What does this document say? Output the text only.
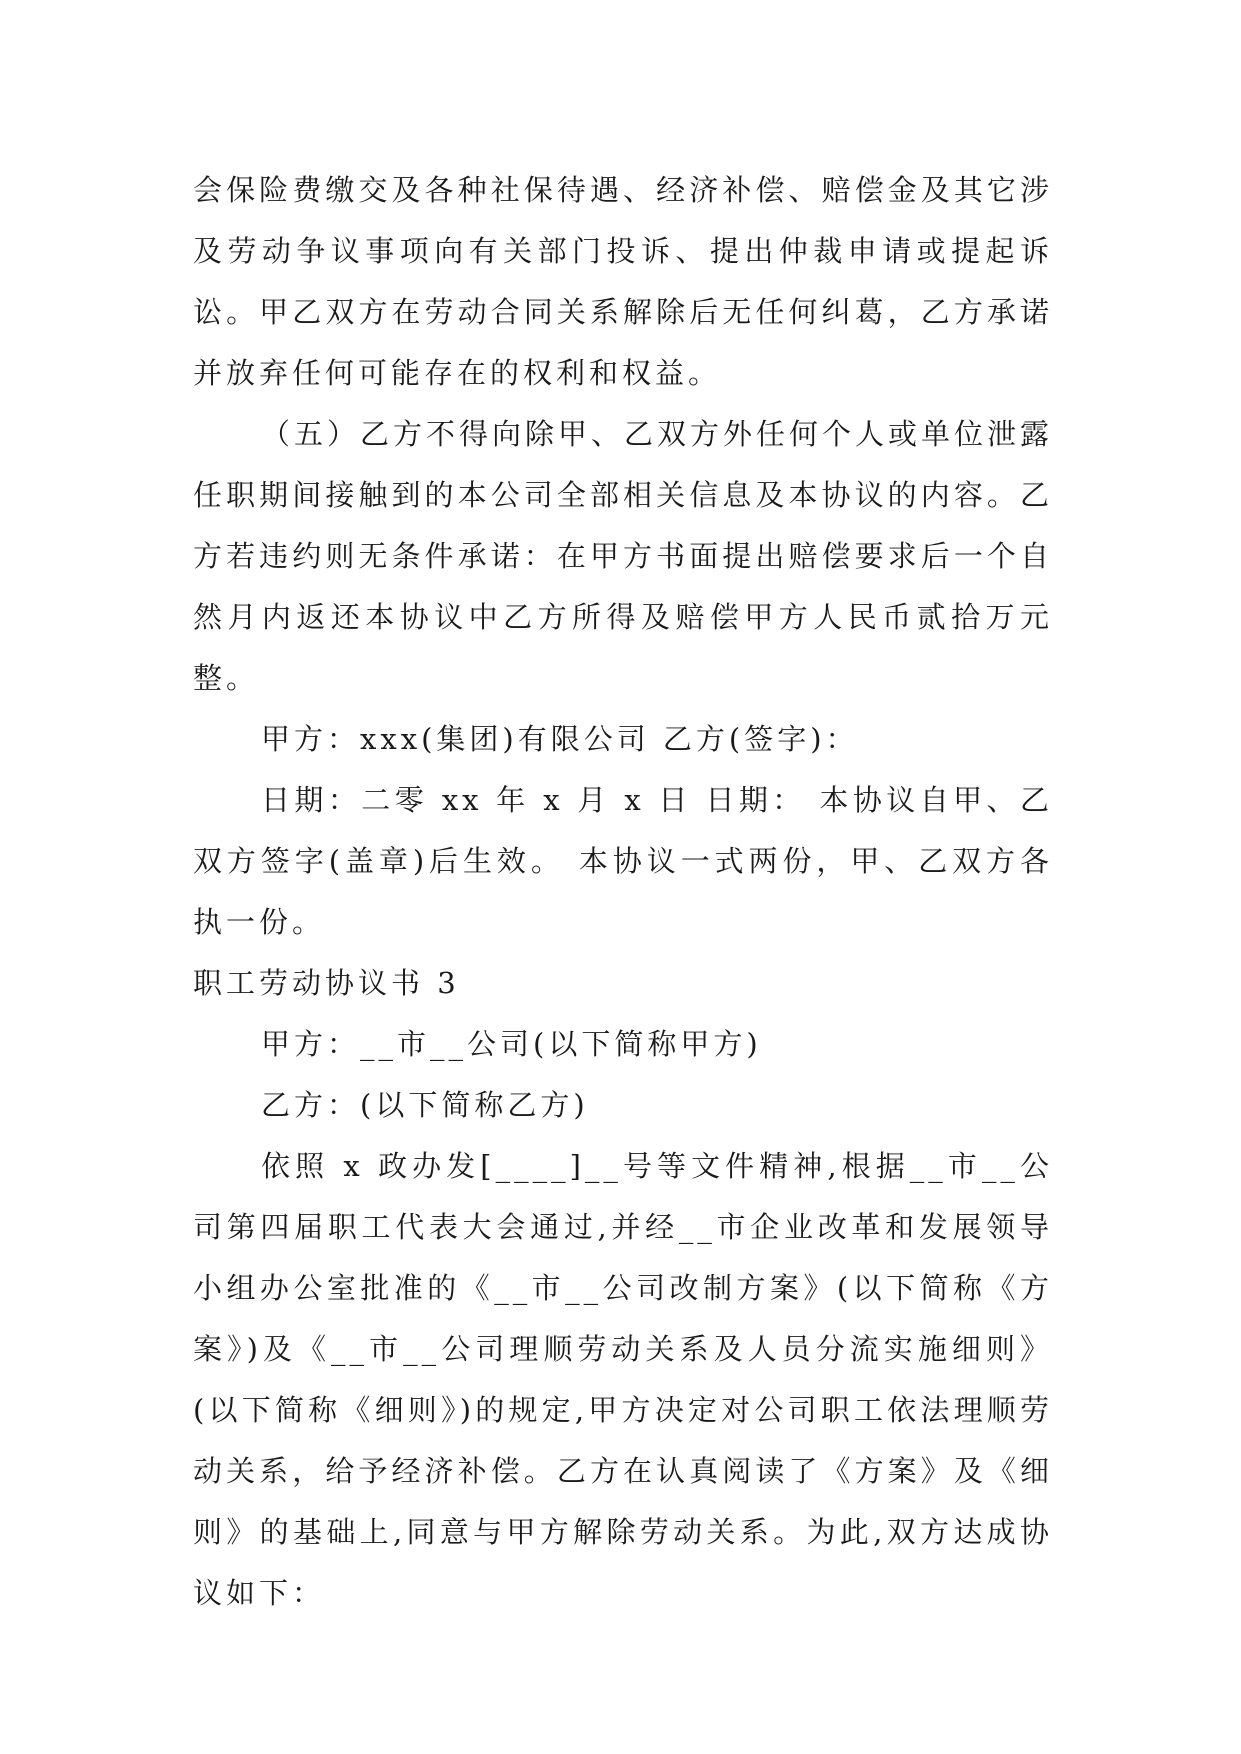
会保险费缴交及各种社保待遇、经济补偿、赔偿金及其它涉及劳动争议事项向有关部门投诉、提出仲裁申请或提起诉讼。甲乙双方在劳动合同关系解除后无任何纠葛，乙方承诺并放弃任何可能存在的权利和权益。

（五）乙方不得向除甲、乙双方外任何个人或单位泄露任职期间接触到的本公司全部相关信息及本协议的内容。乙方若违约则无条件承诺：在甲方书面提出赔偿要求后一个自然月内返还本协议中乙方所得及赔偿甲方人民币贰拾万元整。

甲方：xxx(集团)有限公司 乙方(签字)：

日期：二零 xx 年 x 月 x 日 日期： 本协议自甲、乙双方签字(盖章)后生效。 本协议一式两份，甲、乙双方各执一份。

职工劳动协议书 3

甲方：__市__公司(以下简称甲方)

乙方：(以下简称乙方)

依照 x 政办发[____]__号等文件精神,根据__市__公司第四届职工代表大会通过,并经__市企业改革和发展领导小组办公室批准的《__市__公司改制方案》(以下简称《方案》)及《__市__公司理顺劳动关系及人员分流实施细则》(以下简称《细则》)的规定,甲方决定对公司职工依法理顺劳动关系，给予经济补偿。乙方在认真阅读了《方案》及《细则》的基础上,同意与甲方解除劳动关系。为此,双方达成协议如下：
